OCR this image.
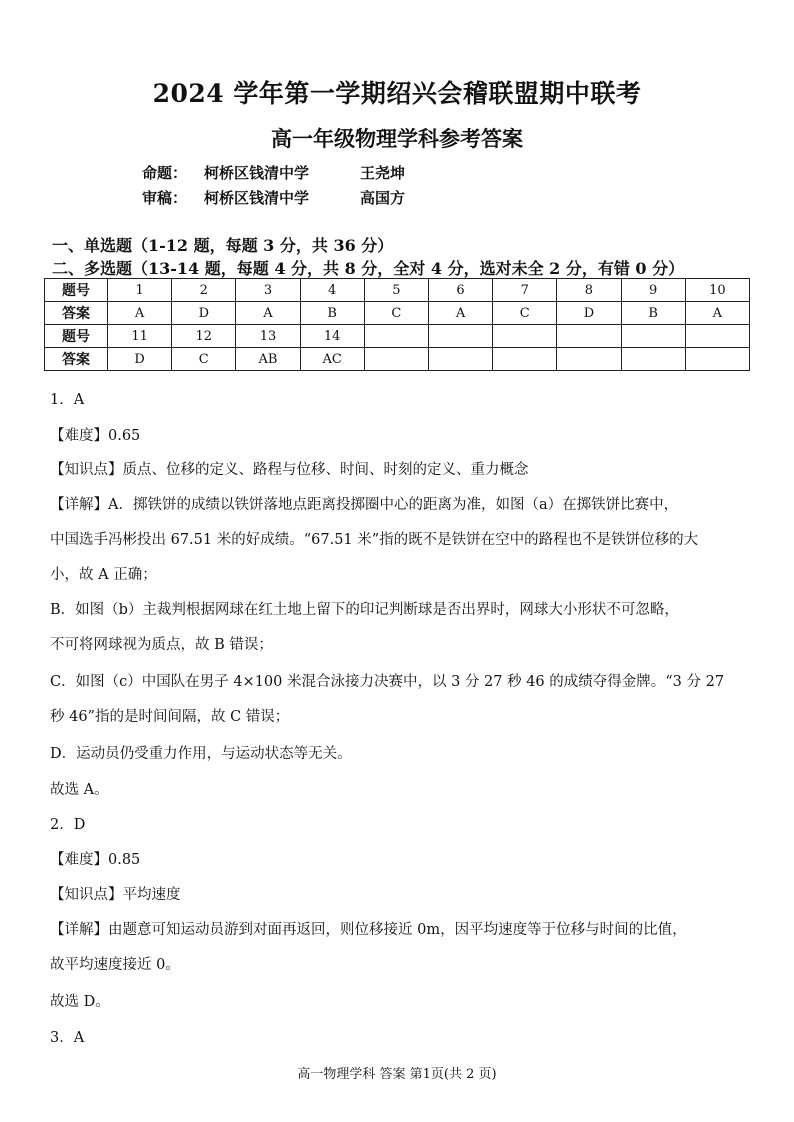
2024 学年第一学期绍兴会稽联盟期中联考
高一年级物理学科参考答案
命题： 柯桥区钱清中学	王尧坤
审稿： 柯桥区钱清中学	高国方
一、单选题（1-12 题，每题 3 分，共 36 分）
二、多选题（13-14 题，每题 4 分，共 8 分，全对 4 分，选对未全 2 分，有错 0 分）
题号	1	2	3	4	5	6	7	8	9	10
答案	A	D	A	B	C	A	C	D	B	A
题号	11	12	13	14						
答案	D	C	AB	AC						
1．A
【难度】0.65
【知识点】质点、位移的定义、路程与位移、时间、时刻的定义、重力概念
【详解】A．掷铁饼的成绩以铁饼落地点距离投掷圈中心的距离为准，如图（a）在掷铁饼比赛中，
中国选手冯彬投出 67.51 米的好成绩。“67.51 米”指的既不是铁饼在空中的路程也不是铁饼位移的大
小，故 A 正确；
B．如图（b）主裁判根据网球在红土地上留下的印记判断球是否出界时，网球大小形状不可忽略，
不可将网球视为质点，故 B 错误；
C．如图（c）中国队在男子 4×100 米混合泳接力决赛中，以 3 分 27 秒 46 的成绩夺得金牌。“3 分 27
秒 46”指的是时间间隔，故 C 错误；
D．运动员仍受重力作用，与运动状态等无关。
故选 A。
2．D
【难度】0.85
【知识点】平均速度
【详解】由题意可知运动员游到对面再返回，则位移接近 0m，因平均速度等于位移与时间的比值，
故平均速度接近 0。
故选 D。
3．A
高一物理学科 答案 第1页(共 2 页)
